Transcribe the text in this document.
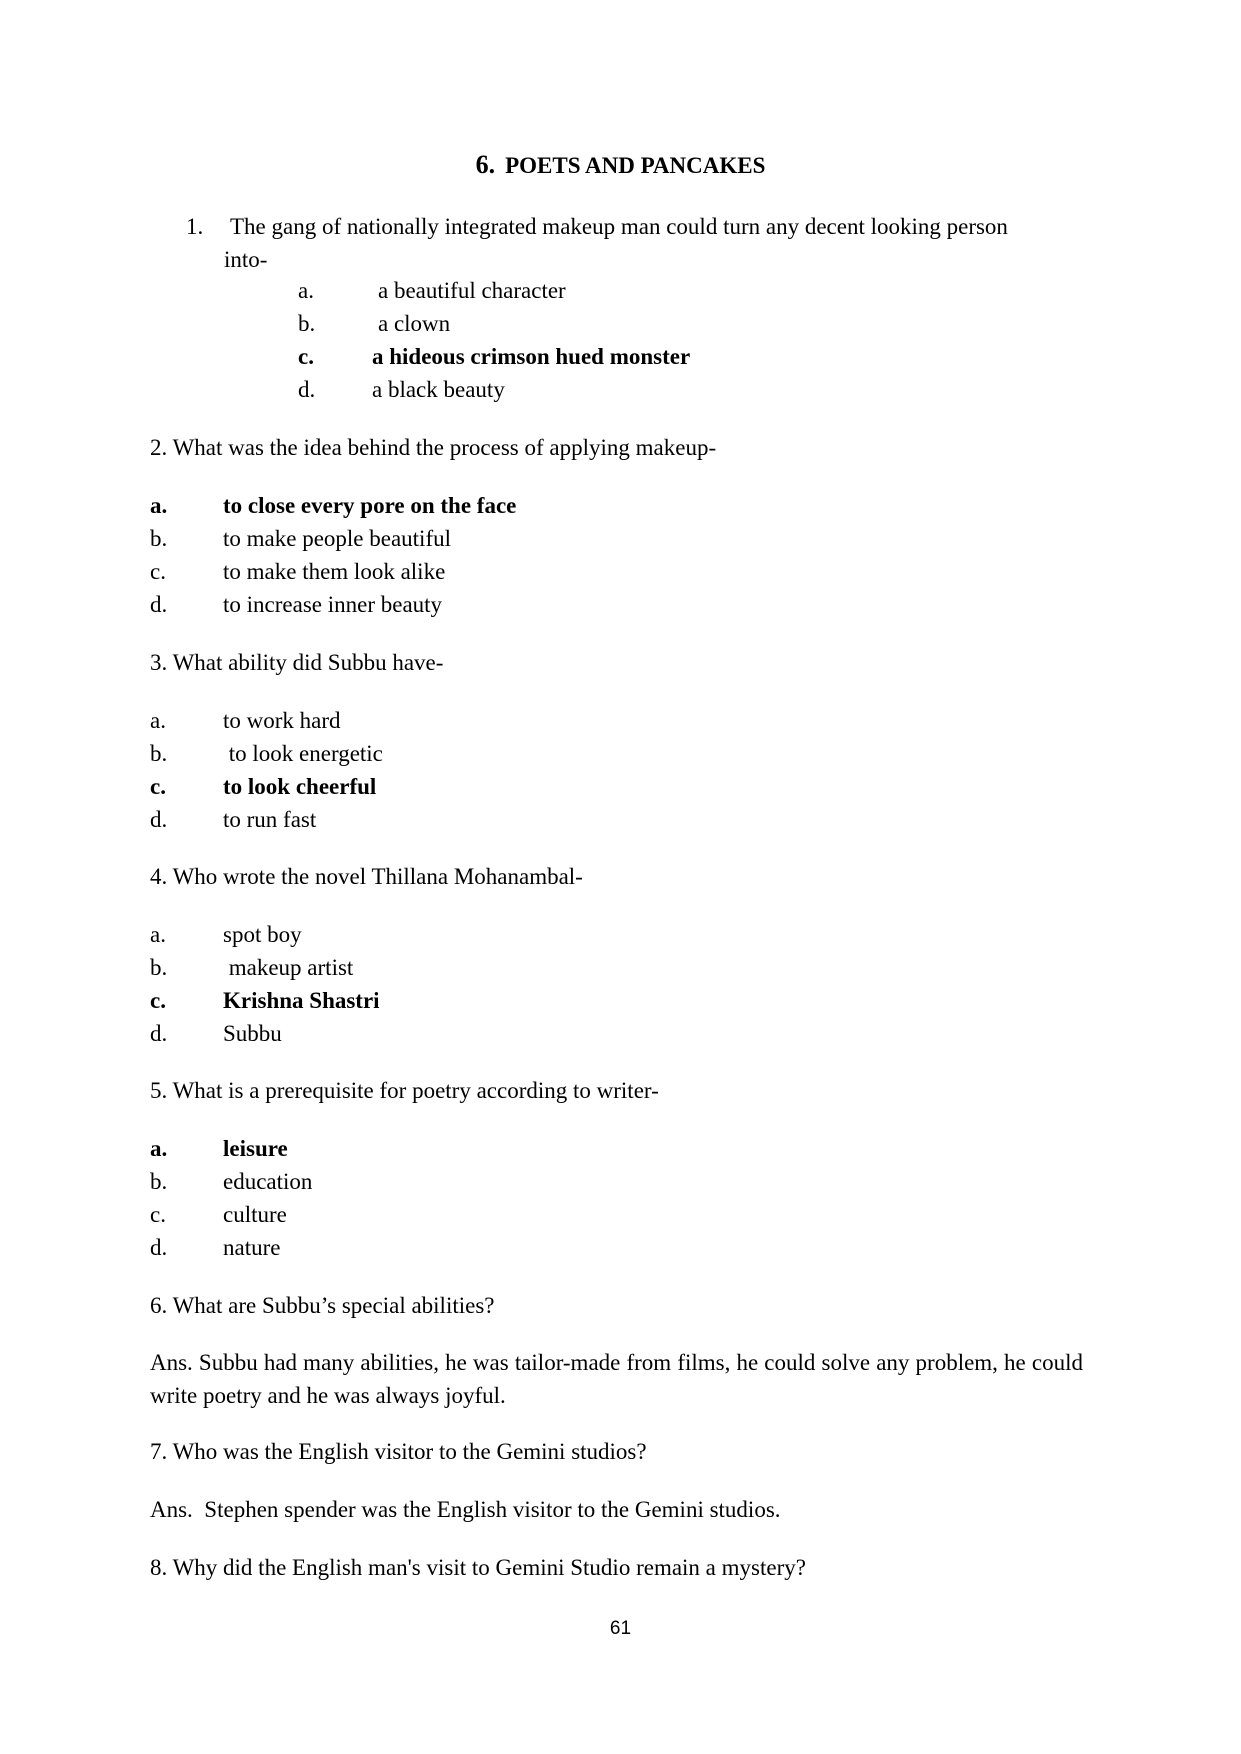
6. POETS AND PANCAKES
1. The gang of nationally integrated makeup man could turn any decent looking person
into-
a.	a beautiful character
b.	a clown
c.	a hideous crimson hued monster
d. a black beauty
2. What was the idea behind the process of applying makeup-
a. to close every pore on the face
b. to make people beautiful
c. to make them look alike
d. to increase inner beauty
3. What ability did Subbu have-
a. to work hard
b. to look energetic
c. to look cheerful
d. to run fast
4. Who wrote the novel Thillana Mohanambal-
a. spot boy
b. makeup artist
c. Krishna Shastri
d. Subbu
5. What is a prerequisite for poetry according to writer-
a. leisure
b. education
c. culture
d. nature
6. What are Subbu’s special abilities?
Ans. Subbu had many abilities, he was tailor-made from films, he could solve any problem, he could write poetry and he was always joyful.
7. Who was the English visitor to the Gemini studios?
Ans.  Stephen spender was the English visitor to the Gemini studios.
8. Why did the English man's visit to Gemini Studio remain a mystery?
61
